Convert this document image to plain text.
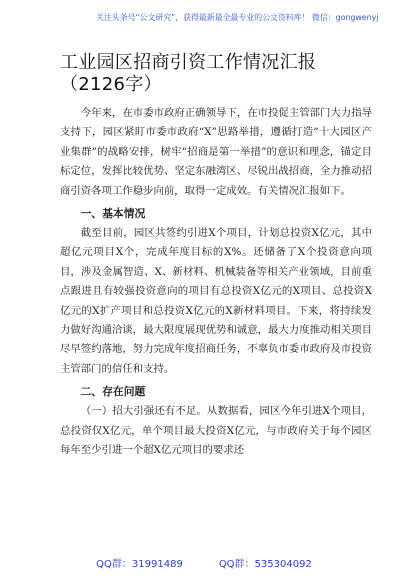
关注头条号“公文研究”，获得最新最全最专业的公文资料库！ 微信：gongwenyj
工业园区招商引资工作情况汇报（2126字）

今年来，在市委市政府正确领导下，在市投促主管部门大力指导支持下，园区紧盯市委市政府“X”思路举措，遵循打造“十大园区产业集群”的战略安排，树牢“招商是第一举措”的意识和理念，锚定目标定位，发挥比较优势、坚定东融湾区、尽锐出战招商，全力推动招商引资各项工作稳步向前，取得一定成效。有关情况汇报如下。

一、基本情况

截至目前，园区共签约引进X个项目，计划总投资X亿元，其中超亿元项目X个，完成年度目标的X%。还储备了X个投资意向项目，涉及金属智造、X、新材料、机械装备等相关产业领域，目前重点跟进且有较强投资意向的项目有总投资X亿元的X项目、总投资X亿元的X扩产项目和总投资X亿元的X新材料项目。下来，将持续发力做好沟通洽谈，最大限度展现优势和诚意，最大力度推动相关项目尽早签约落地，努力完成年度招商任务，不辜负市委市政府及市投资主管部门的信任和支持。

二、存在问题

（一）招大引强还有不足。从数据看，园区今年引进X个项目，总投资仅X亿元，单个项目最大投资X亿元，与市政府关于每个园区每年至少引进一个超X亿元项目的要求还

QQ群：31991489	QQ群：535304092
